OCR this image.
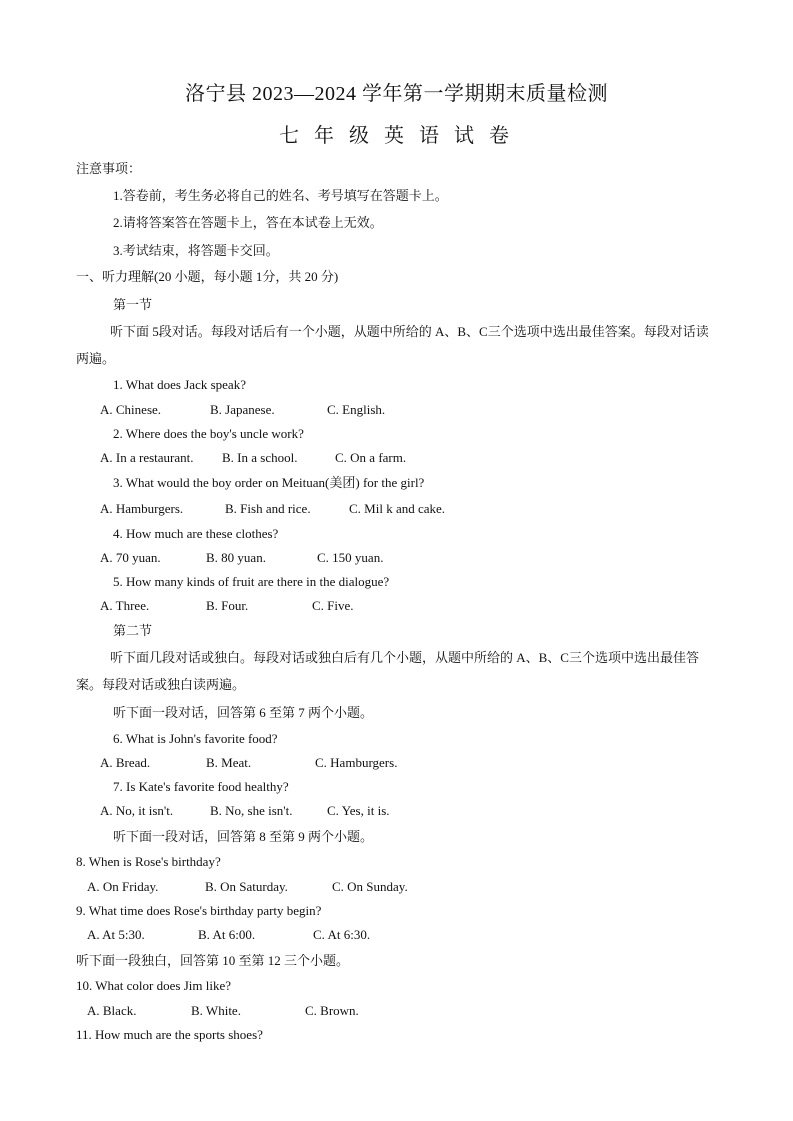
洛宁县 2023—2024 学年第一学期期末质量检测
七 年 级 英 语 试 卷
注意事项：
1.答卷前，考生务必将自己的姓名、考号填写在答题卡上。
2.请将答案答在答题卡上，答在本试卷上无效。
3.考试结束，将答题卡交回。
一、听力理解(20 小题，每小题 1分，共 20 分)
第一节
听下面 5段对话。每段对话后有一个小题，从题中所给的 A、B、C三个选项中选出最佳答案。每段对话读两遍。
1. What does Jack speak?
A. Chinese.	B. Japanese.	C. English.
2. Where does the boy's uncle work?
A. In a restaurant. B. In a school.	C. On a farm.
3. What would the boy order on Meituan(美团) for the girl?
A. Hamburgers.	B. Fish and rice.	C. Mil k and cake.
4. How much are these clothes?
A. 70 yuan.	B. 80 yuan.	C. 150 yuan.
5. How many kinds of fruit are there in the dialogue?
A. Three.	B. Four.	C. Five.
第二节
听下面几段对话或独白。每段对话或独白后有几个小题，从题中所给的 A、B、C三个选项中选出最佳答案。每段对话或独白读两遍。
听下面一段对话，回答第 6 至第 7 两个小题。
6. What is John's favorite food?
A. Bread.	B. Meat.	C. Hamburgers.
7. Is Kate's favorite food healthy?
A. No, it isn't.	B. No, she isn't.	C. Yes, it is.
听下面一段对话，回答第 8 至第 9 两个小题。
8. When is Rose's birthday?
A. On Friday.	B. On Saturday.	C. On Sunday.
9. What time does Rose's birthday party begin?
A. At 5:30.	B. At 6:00.	C. At 6:30.
听下面一段独白，回答第 10 至第 12 三个小题。
10. What color does Jim like?
A. Black.	B. White.	C. Brown.
11. How much are the sports shoes?
